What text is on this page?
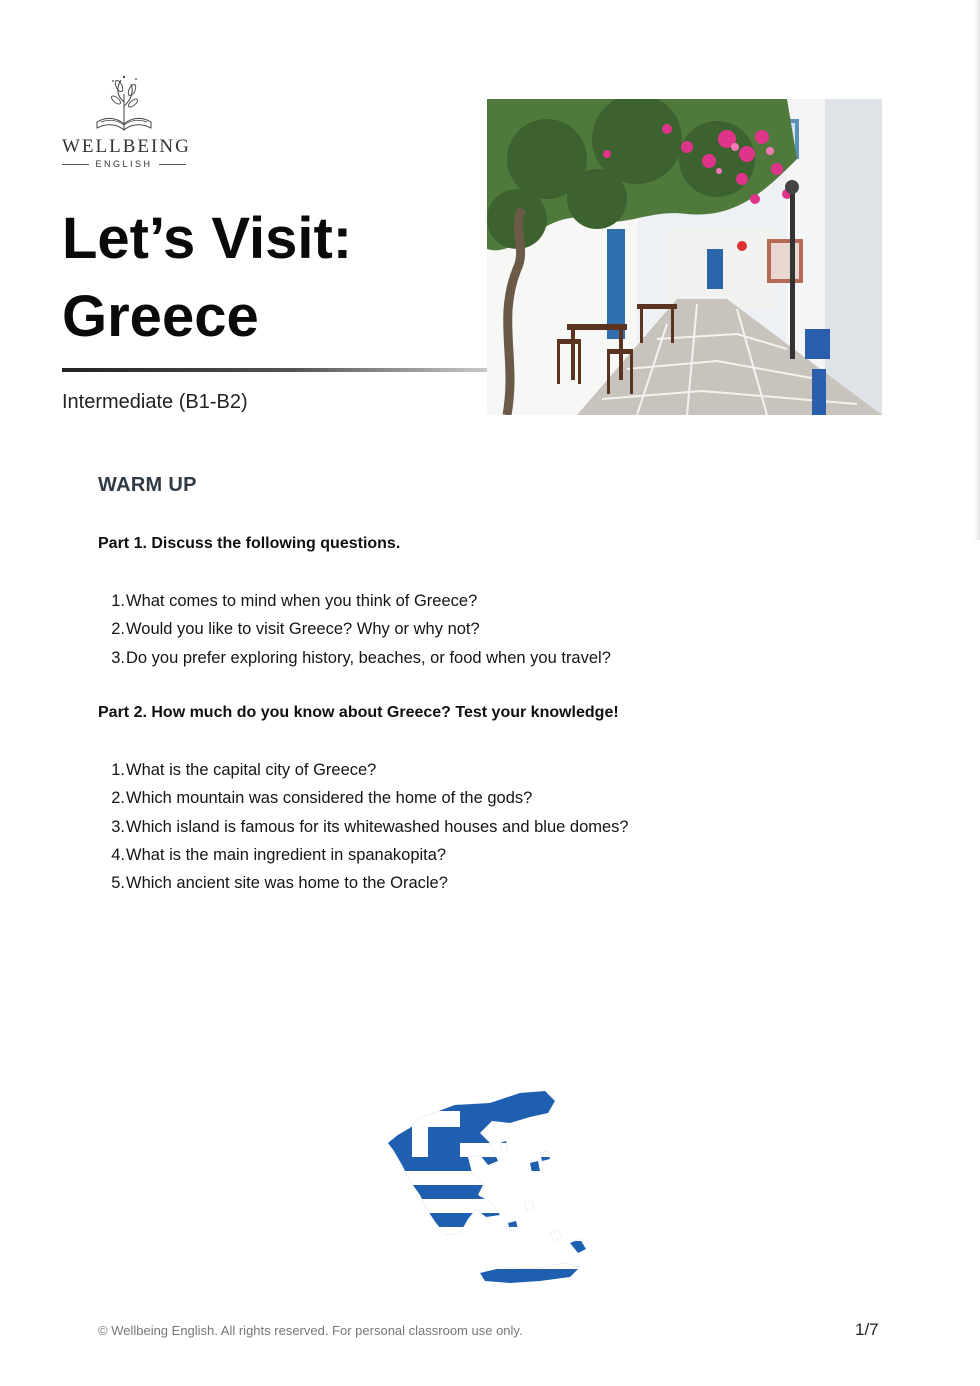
WELLBEING
ENGLISH
Let’s Visit:
Greece
Intermediate (B1-B2)
WARM UP
Part 1. Discuss the following questions.
1. What comes to mind when you think of Greece?
2. Would you like to visit Greece? Why or why not?
3. Do you prefer exploring history, beaches, or food when you travel?
Part 2. How much do you know about Greece? Test your knowledge!
1. What is the capital city of Greece?
2. Which mountain was considered the home of the gods?
3. Which island is famous for its whitewashed houses and blue domes?
4. What is the main ingredient in spanakopita?
5. Which ancient site was home to the Oracle?
© Wellbeing English. All rights reserved. For personal classroom use only.	1/7
